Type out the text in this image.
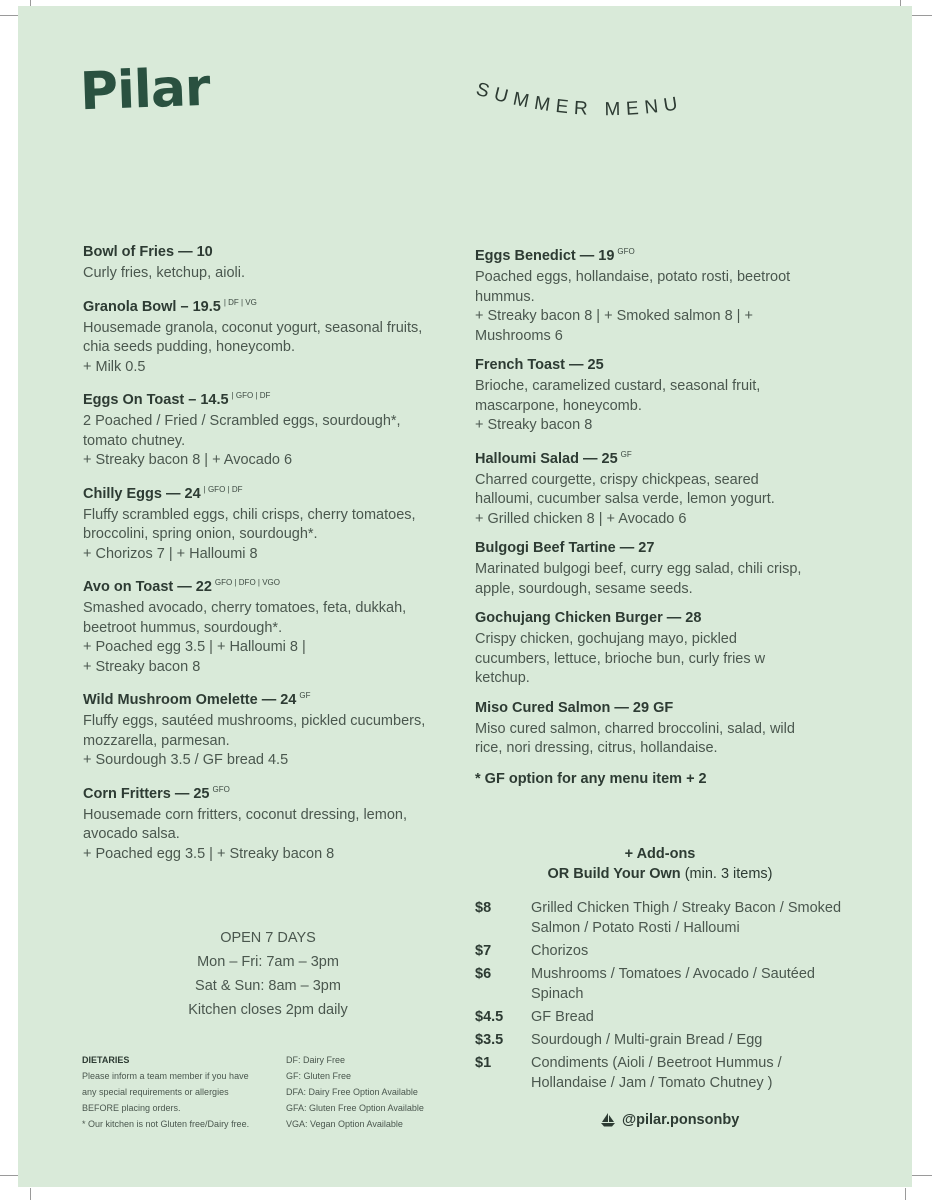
Pilar	SUMMER MENU
Bowl of Fries — 10
Curly fries, ketchup, aioli.
Granola Bowl – 19.5 $^{| DF | VG}$
Housemade granola, coconut yogurt, seasonal fruits,
chia seeds pudding, honeycomb.
+ Milk 0.5
Eggs On Toast – 14.5 $^{| GFO | DF}$
2 Poached / Fried / Scrambled eggs, sourdough*,
tomato chutney.
+ Streaky bacon 8 | + Avocado 6
Chilly Eggs — 24 $^{| GFO | DF}$
Fluffy scrambled eggs, chili crisps, cherry tomatoes,
broccolini, spring onion, sourdough*.
+ Chorizos 7 | + Halloumi 8
Avo on Toast — 22 $^{GFO | DFO | VGO}$
Smashed avocado, cherry tomatoes, feta, dukkah,
beetroot hummus, sourdough*.
+ Poached egg 3.5 | + Halloumi 8 |
+ Streaky bacon 8
Wild Mushroom Omelette — 24 $^{GF}$
Fluffy eggs, sautéed mushrooms, pickled cucumbers,
mozzarella, parmesan.
+ Sourdough 3.5 / GF bread 4.5
Corn Fritters — 25 $^{GFO}$
Housemade corn fritters, coconut dressing, lemon,
avocado salsa.
+ Poached egg 3.5 | + Streaky bacon 8
Eggs Benedict — 19 $^{GFO}$
Poached eggs, hollandaise, potato rosti, beetroot
hummus.
+ Streaky bacon 8 | + Smoked salmon 8 | +
Mushrooms 6
French Toast — 25
Brioche, caramelized custard, seasonal fruit,
mascarpone, honeycomb.
+ Streaky bacon 8
Halloumi Salad — 25 $^{GF}$
Charred courgette, crispy chickpeas, seared
halloumi, cucumber salsa verde, lemon yogurt.
+ Grilled chicken 8 | + Avocado 6
Bulgogi Beef Tartine — 27
Marinated bulgogi beef, curry egg salad, chili crisp,
apple, sourdough, sesame seeds.
Gochujang Chicken Burger — 28
Crispy chicken, gochujang mayo, pickled
cucumbers, lettuce, brioche bun, curly fries w
ketchup.
Miso Cured Salmon — 29 GF
Miso cured salmon, charred broccolini, salad, wild
rice, nori dressing, citrus, hollandaise.
* GF option for any menu item + 2
OPEN 7 DAYS
Mon – Fri: 7am – 3pm
Sat & Sun: 8am – 3pm
Kitchen closes 2pm daily
DIETARIES
Please inform a team member if you have
any special requirements or allergies
BEFORE placing orders.
* Our kitchen is not Gluten free/Dairy free.
DF: Dairy Free
GF: Gluten Free
DFA: Dairy Free Option Available
GFA: Gluten Free Option Available
VGA: Vegan Option Available
+ Add-ons
OR Build Your Own (min. 3 items)
$8	Grilled Chicken Thigh / Streaky Bacon / Smoked Salmon / Potato Rosti / Halloumi
$7	Chorizos
$6	Mushrooms / Tomatoes / Avocado / Sautéed Spinach
$4.5	GF Bread
$3.5	Sourdough / Multi-grain Bread / Egg
$1	Condiments (Aioli / Beetroot Hummus / Hollandaise / Jam / Tomato Chutney )
@pilar.ponsonby
